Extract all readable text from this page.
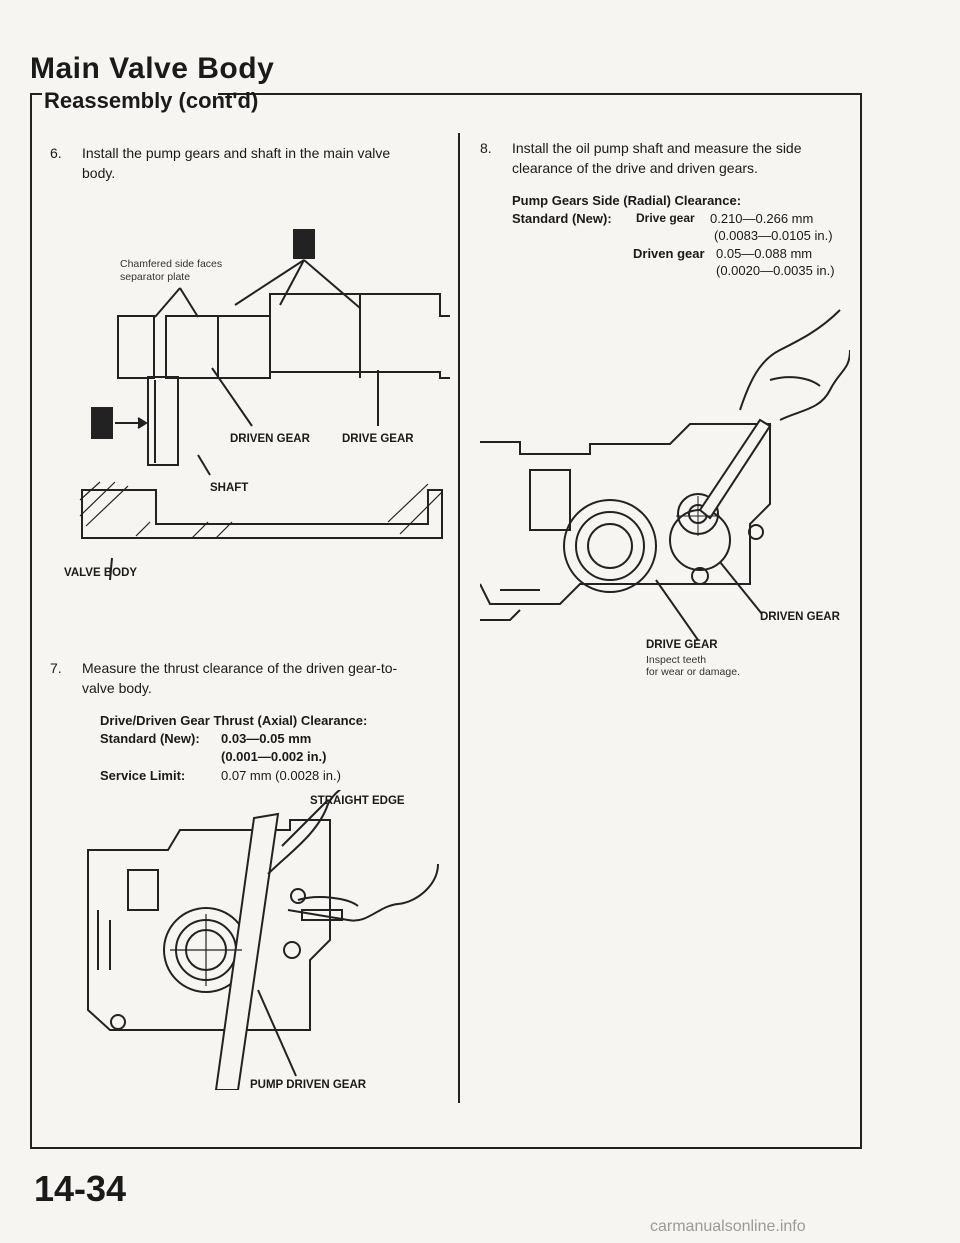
Main Valve Body
Reassembly (cont'd)
6. Install the pump gears and shaft in the main valve
body.
Chamfered side faces
separator plate
DRIVEN GEAR	DRIVE GEAR
SHAFT
VALVE BODY
7. Measure the thrust clearance of the driven gear-to-
valve body.
Drive/Driven Gear Thrust (Axial) Clearance:
Standard (New): 0.03—0.05 mm
(0.001—0.002 in.)
Service Limit:	0.07 mm (0.0028 in.)
STRAIGHT EDGE
PUMP DRIVEN GEAR
8. Install the oil pump shaft and measure the side
clearance of the drive and driven gears.
Pump Gears Side (Radial) Clearance:
Standard (New): Drive gear 0.210—0.266 mm
(0.0083—0.0105 in.)
Driven gear 0.05—0.088 mm
(0.0020—0.0035 in.)
DRIVEN GEAR
DRIVE GEAR
Inspect teeth
for wear or damage.
14-34
carmanualsonline.info
